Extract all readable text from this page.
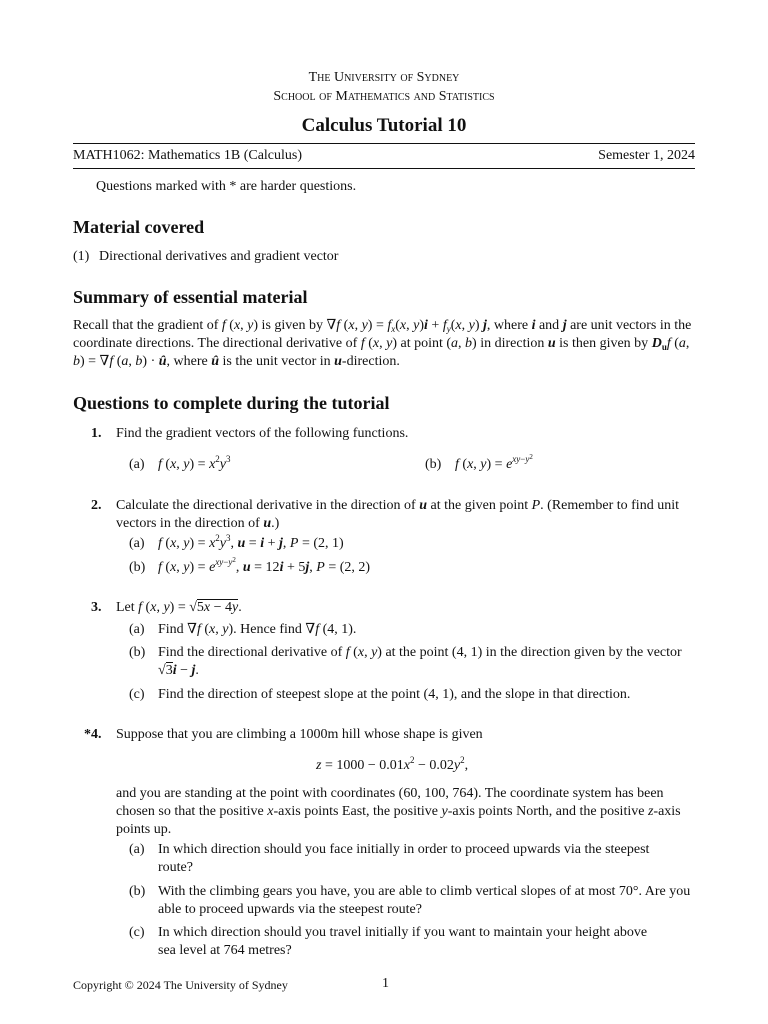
The University of Sydney
School of Mathematics and Statistics
Calculus Tutorial 10
MATH1062: Mathematics 1B (Calculus)	Semester 1, 2024
Questions marked with * are harder questions.
Material covered
(1) Directional derivatives and gradient vector
Summary of essential material
Recall that the gradient of f (x, y) is given by ∇f (x, $y) = f_x(x$, $y)i + f_y(x$, y) j, where i and j are unit vectors in the coordinate directions. The directional derivative of f (x, y) at point (a, b) in direction u is then given by $D_uf$ (a, b) = ∇f (a, b) · û, where û is the unit vector in u-direction.
Questions to complete during the tutorial
1. Find the gradient vectors of the following functions.
(a) f (x, $y) = x^2y^3$	(b) f (x, $y) = e^{xy-y^2}$
2. Calculate the directional derivative in the direction of u at the given point P. (Remember to find unit vectors in the direction of u.)
(a) f (x, $y) = x^2y^3$, u = i + j, P = (2, 1)
(b) f (x, $y) = e^{xy-y^2}$, u = 12i + 5j, P = (2, 2)
3. Let f (x, y) = √5x − 4y.
(a) Find ∇f (x, y). Hence find ∇f (4, 1).
(b) Find the directional derivative of f (x, y) at the point (4, 1) in the direction given by the vector √3i − j.
(c) Find the direction of steepest slope at the point (4, 1), and the slope in that direction.
*4. Suppose that you are climbing a 1000m hill whose shape is given
$z = 1000 - 0.01x^2 - 0.02y^2$,
and you are standing at the point with coordinates (60, 100, 764). The coordinate system has been chosen so that the positive x-axis points East, the positive y-axis points North, and the positive z-axis points up.
(a) In which direction should you face initially in order to proceed upwards via the steepest
route?
(b) With the climbing gears you have, you are able to climb vertical slopes of at most 70°. Are you able to proceed upwards via the steepest route?
(c) In which direction should you travel initially if you want to maintain your height above
sea level at 764 metres?
Copyright © 2024 The University of Sydney	1
